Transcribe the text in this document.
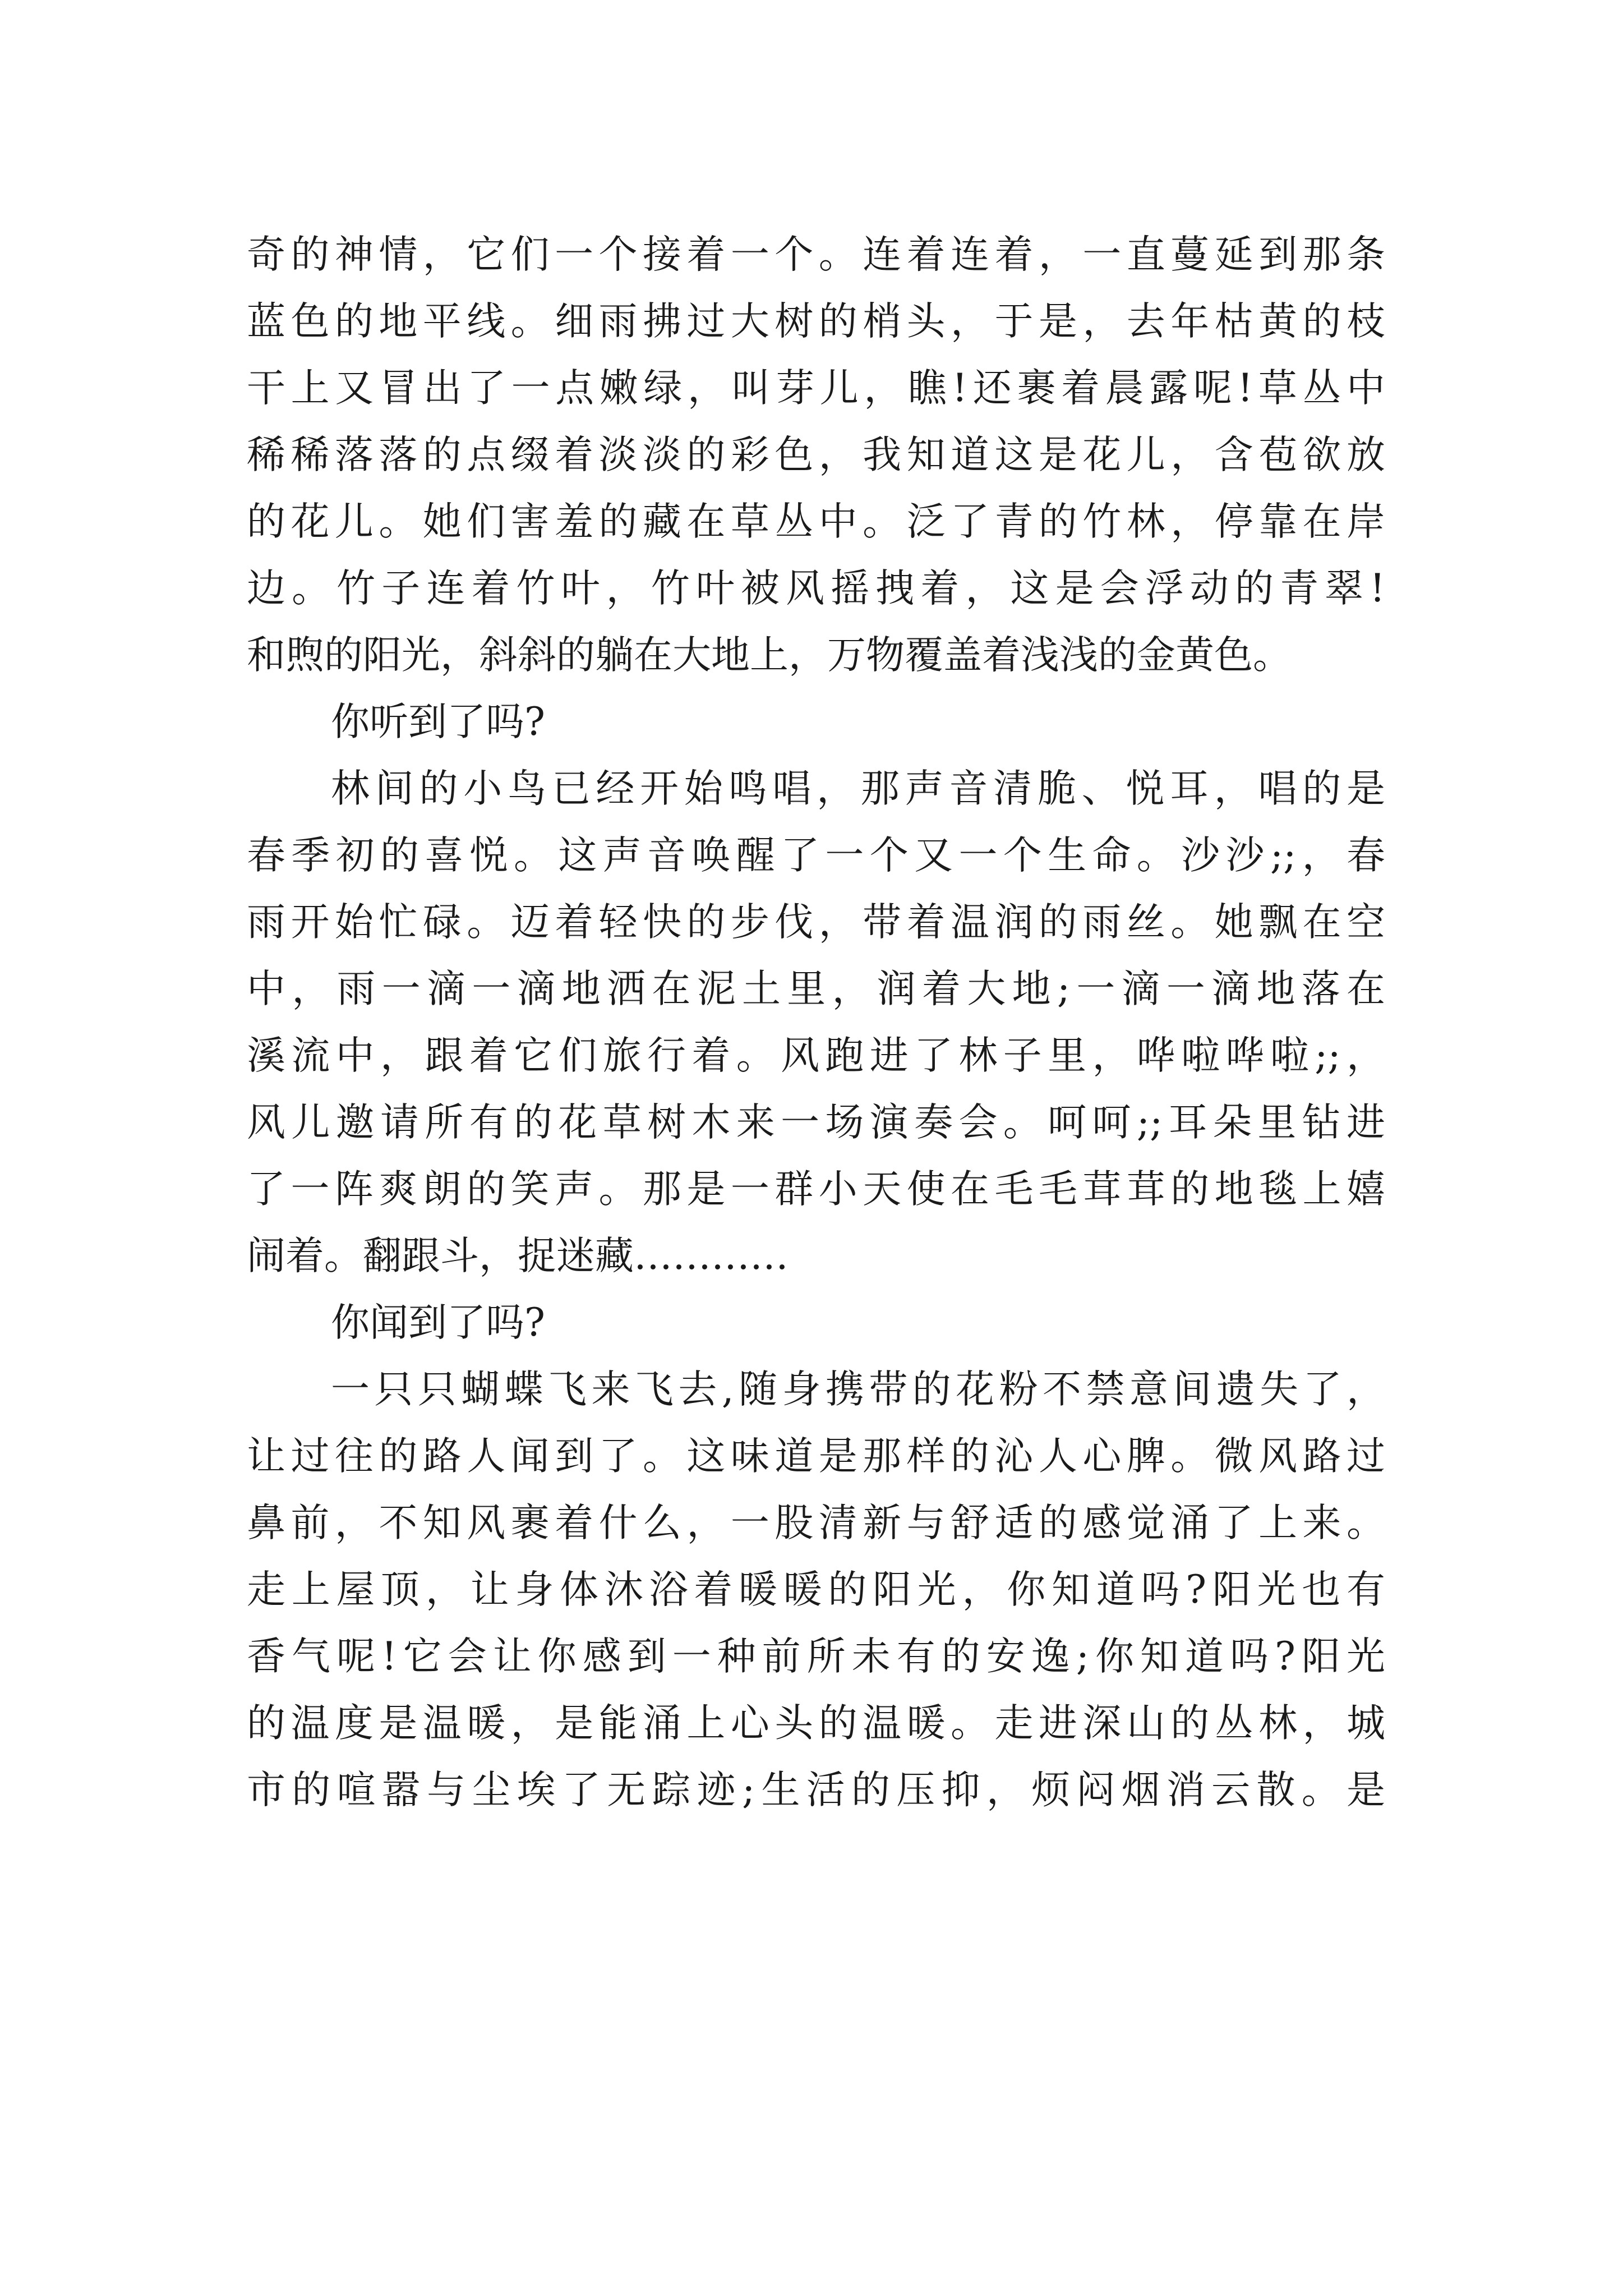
奇的神情，它们一个接着一个。连着连着，一直蔓延到那条
蓝色的地平线。细雨拂过大树的梢头，于是，去年枯黄的枝
干上又冒出了一点嫩绿，叫芽儿，瞧!还裹着晨露呢!草丛中
稀稀落落的点缀着淡淡的彩色，我知道这是花儿，含苞欲放
的花儿。她们害羞的藏在草丛中。泛了青的竹林，停靠在岸
边。竹子连着竹叶，竹叶被风摇拽着，这是会浮动的青翠!
和煦的阳光，斜斜的躺在大地上，万物覆盖着浅浅的金黄色。
你听到了吗?
林间的小鸟已经开始鸣唱，那声音清脆、悦耳，唱的是
春季初的喜悦。这声音唤醒了一个又一个生命。沙沙;;，春
雨开始忙碌。迈着轻快的步伐，带着温润的雨丝。她飘在空
中，雨一滴一滴地洒在泥土里，润着大地;一滴一滴地落在
溪流中，跟着它们旅行着。风跑进了林子里，哗啦哗啦;;，
风儿邀请所有的花草树木来一场演奏会。呵呵;;耳朵里钻进
了一阵爽朗的笑声。那是一群小天使在毛毛茸茸的地毯上嬉
闹着。翻跟斗，捉迷藏…………
你闻到了吗?
一只只蝴蝶飞来飞去,随身携带的花粉不禁意间遗失了，
让过往的路人闻到了。这味道是那样的沁人心脾。微风路过
鼻前，不知风裹着什么，一股清新与舒适的感觉涌了上来。
走上屋顶，让身体沐浴着暖暖的阳光，你知道吗?阳光也有
香气呢!它会让你感到一种前所未有的安逸;你知道吗?阳光
的温度是温暖，是能涌上心头的温暖。走进深山的丛林，城
市的喧嚣与尘埃了无踪迹;生活的压抑，烦闷烟消云散。是
